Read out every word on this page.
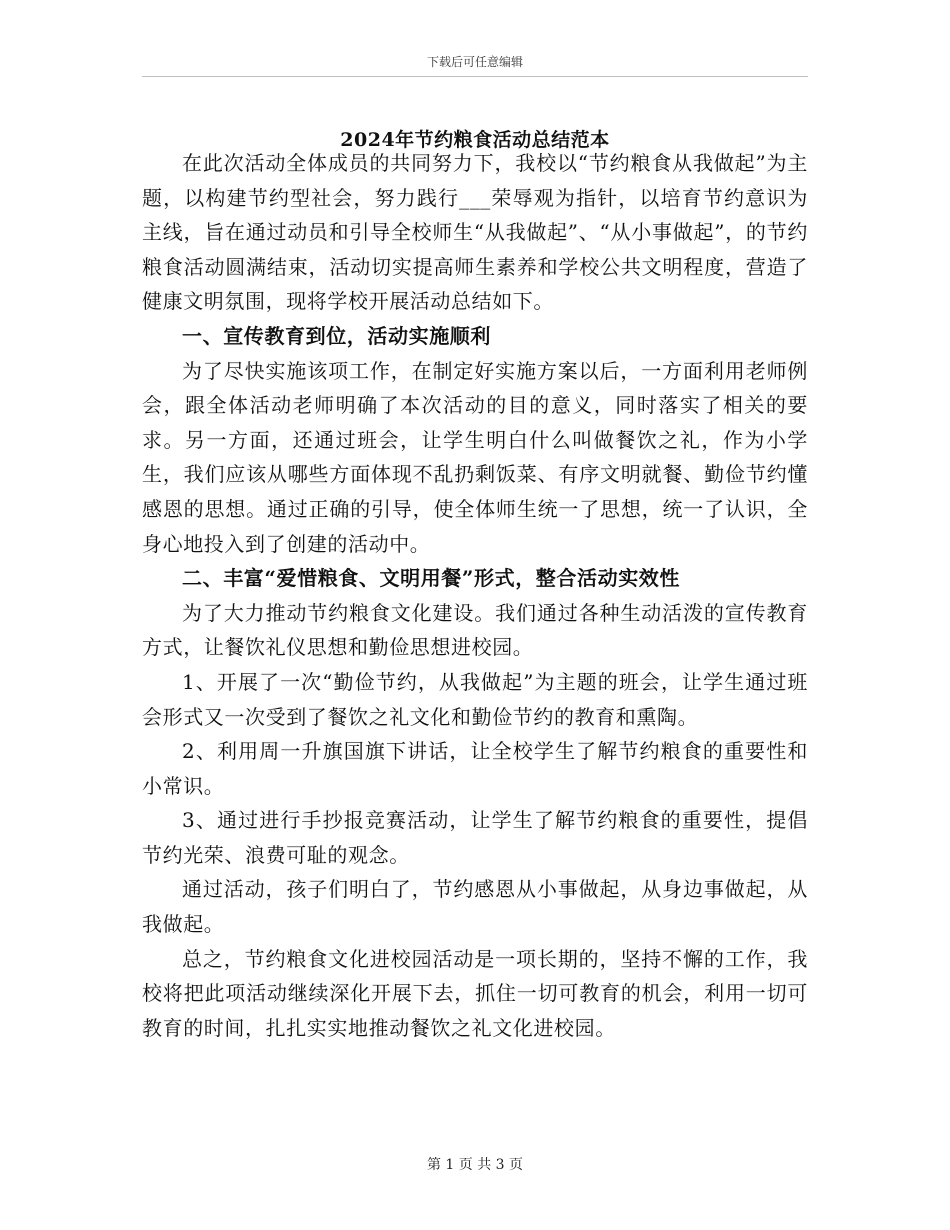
下载后可任意编辑
2024年节约粮食活动总结范本

在此次活动全体成员的共同努力下，我校以“节约粮食从我做起”为主题，以构建节约型社会，努力践行___荣辱观为指针，以培育节约意识为主线，旨在通过动员和引导全校师生“从我做起”、“从小事做起”，的节约粮食活动圆满结束，活动切实提高师生素养和学校公共文明程度，营造了健康文明氛围，现将学校开展活动总结如下。

一、宣传教育到位，活动实施顺利

为了尽快实施该项工作，在制定好实施方案以后，一方面利用老师例会，跟全体活动老师明确了本次活动的目的意义，同时落实了相关的要求。另一方面，还通过班会，让学生明白什么叫做餐饮之礼，作为小学生，我们应该从哪些方面体现不乱扔剩饭菜、有序文明就餐、勤俭节约懂感恩的思想。通过正确的引导，使全体师生统一了思想，统一了认识，全身心地投入到了创建的活动中。

二、丰富“爱惜粮食、文明用餐”形式，整合活动实效性

为了大力推动节约粮食文化建设。我们通过各种生动活泼的宣传教育方式，让餐饮礼仪思想和勤俭思想进校园。

1、开展了一次“勤俭节约，从我做起”为主题的班会，让学生通过班会形式又一次受到了餐饮之礼文化和勤俭节约的教育和熏陶。

2、利用周一升旗国旗下讲话，让全校学生了解节约粮食的重要性和小常识。

3、通过进行手抄报竞赛活动，让学生了解节约粮食的重要性，提倡节约光荣、浪费可耻的观念。

通过活动，孩子们明白了，节约感恩从小事做起，从身边事做起，从我做起。

总之，节约粮食文化进校园活动是一项长期的，坚持不懈的工作，我校将把此项活动继续深化开展下去，抓住一切可教育的机会，利用一切可教育的时间，扎扎实实地推动餐饮之礼文化进校园。

第 1 页 共 3 页
